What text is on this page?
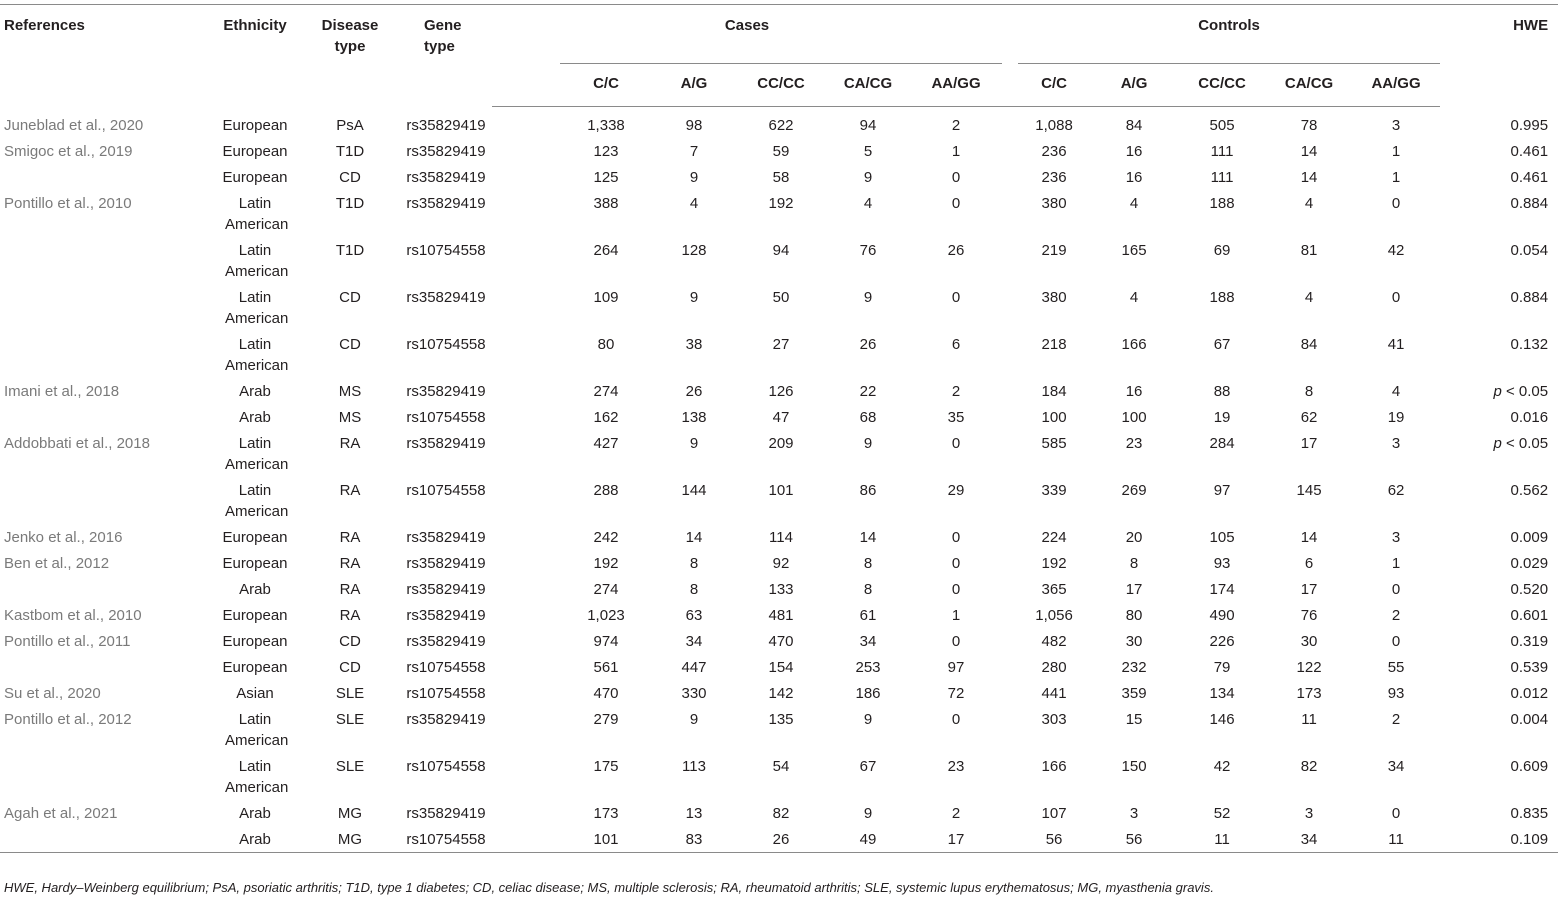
References	Ethnicity	Disease type	Gene type	Cases							Controls					HWE
					C/C	A/G	CC/CC	CA/CG	AA/GG		C/C	A/G	CC/CC	CA/CG	AA/GG	
Juneblad et al., 2020	European	PsA	rs35829419		1,338	98	622	94	2		1,088	84	505	78	3	0.995
Smigoc et al., 2019	European	T1D	rs35829419		123	7	59	5	1		236	16	111	14	1	0.461
	European	CD	rs35829419		125	9	58	9	0		236	16	111	14	1	0.461
Pontillo et al., 2010	Latin American	T1D	rs35829419		388	4	192	4	0		380	4	188	4	0	0.884

	Latin American	T1D	rs10754558		264	128	94	76	26		219	165	69	81	42	0.054

	Latin American	CD	rs35829419		109	9	50	9	0		380	4	188	4	0	0.884

	Latin American	CD	rs10754558		80	38	27	26	6		218	166	67	84	41	0.132
Imani et al., 2018	Arab	MS	rs35829419		274	26	126	22	2		184	16	88	8	4	p < 0.05
	Arab	MS	rs10754558		162	138	47	68	35		100	100	19	62	19	0.016
Addobbati et al., 2018	Latin American	RA	rs35829419		427	9	209	9	0		585	23	284	17	3	p < 0.05

	Latin American	RA	rs10754558		288	144	101	86	29		339	269	97	145	62	0.562
Jenko et al., 2016	European	RA	rs35829419		242	14	114	14	0		224	20	105	14	3	0.009
Ben et al., 2012	European	RA	rs35829419		192	8	92	8	0		192	8	93	6	1	0.029
	Arab	RA	rs35829419		274	8	133	8	0		365	17	174	17	0	0.520
Kastbom et al., 2010	European	RA	rs35829419		1,023	63	481	61	1		1,056	80	490	76	2	0.601
Pontillo et al., 2011	European	CD	rs35829419		974	34	470	34	0		482	30	226	30	0	0.319
	European	CD	rs10754558		561	447	154	253	97		280	232	79	122	55	0.539
Su et al., 2020	Asian	SLE	rs10754558		470	330	142	186	72		441	359	134	173	93	0.012
Pontillo et al., 2012	Latin American	SLE	rs35829419		279	9	135	9	0		303	15	146	11	2	0.004

	Latin American	SLE	rs10754558		175	113	54	67	23		166	150	42	82	34	0.609
Agah et al., 2021	Arab	MG	rs35829419		173	13	82	9	2		107	3	52	3	0	0.835
	Arab	MG	rs10754558		101	83	26	49	17		56	56	11	34	11	0.109
HWE, Hardy–Weinberg equilibrium; PsA, psoriatic arthritis; T1D, type 1 diabetes; CD, celiac disease; MS, multiple sclerosis; RA, rheumatoid arthritis; SLE, systemic lupus erythematosus; MG, myasthenia gravis.
